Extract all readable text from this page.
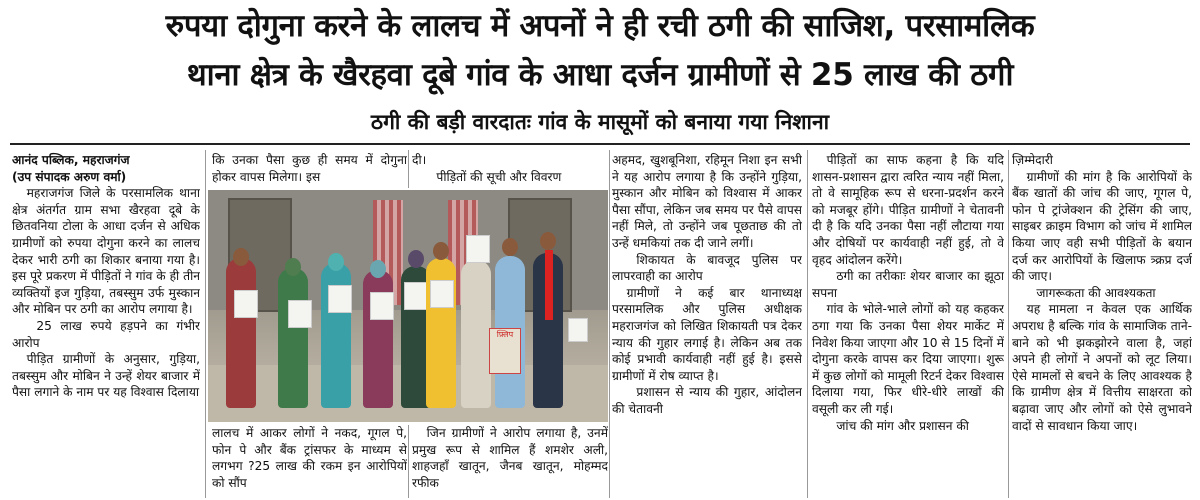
रुपया दोगुना करने के लालच में अपनों ने ही रची ठगी की साजिश, परसामलिक
थाना क्षेत्र के खैरहवा दूबे गांव के आधा दर्जन ग्रामीणों से 25 लाख की ठगी
ठगी की बड़ी वारदातः गांव के मासूमों को बनाया गया निशाना

आनंद पब्लिक, महराजगंज

(उप संपादक अरुण वर्मा)

महराजगंज जिले के परसामलिक थाना क्षेत्र अंतर्गत ग्राम सभा खैरहवा दूबे के छितवनिया टोला के आधा दर्जन से अधिक ग्रामीणों को रुपया दोगुना करने का लालच देकर भारी ठगी का शिकार बनाया गया है। इस पूरे प्रकरण में पीड़ितों ने गांव के ही तीन व्यक्तियों इज गुड़िया, तबस्सुम उर्फ मुस्कान और मोबिन पर ठगी का आरोप लगाया है।

25 लाख रुपये हड़पने का गंभीर आरोप

पीड़ित ग्रामीणों के अनुसार, गुड़िया, तबस्सुम और मोबिन ने उन्हें शेयर बाजार में पैसा लगाने के नाम पर यह विश्वास दिलाया

कि उनका पैसा कुछ ही समय में दोगुना होकर वापस मिलेगा। इस

लालच में आकर लोगों ने नकद, गूगल पे, फोन पे और बैंक ट्रांसफर के माध्यम से लगभग ?25 लाख की रकम इन आरोपियों को सौंप

दी।

पीड़ितों की सूची और विवरण

जिन ग्रामीणों ने आरोप लगाया है, उनमें प्रमुख रूप से शामिल हैं शमशेर अली, शाहजहाँ खातून, जैनब खातून, मोहम्मद रफीक

फ़्लिप

अहमद, खुशबूनिशा, रहिमून निशा इन सभी ने यह आरोप लगाया है कि उन्होंने गुड़िया, मुस्कान और मोबिन को विश्वास में आकर पैसा सौंपा, लेकिन जब समय पर पैसे वापस नहीं मिले, तो उन्होंने जब पूछताछ की तो उन्हें धमकियां तक दी जाने लगीं।

शिकायत के बावजूद पुलिस पर लापरवाही का आरोप

ग्रामीणों ने कई बार थानाध्यक्ष परसामलिक और पुलिस अधीक्षक महराजगंज को लिखित शिकायती पत्र देकर न्याय की गुहार लगाई है। लेकिन अब तक कोई प्रभावी कार्यवाही नहीं हुई है। इससे ग्रामीणों में रोष व्याप्त है।

प्रशासन से न्याय की गुहार, आंदोलन की चेतावनी

पीड़ितों का साफ कहना है कि यदि शासन-प्रशासन द्वारा त्वरित न्याय नहीं मिला, तो वे सामूहिक रूप से धरना-प्रदर्शन करने को मजबूर होंगे। पीड़ित ग्रामीणों ने चेतावनी दी है कि यदि उनका पैसा नहीं लौटाया गया और दोषियों पर कार्यवाही नहीं हुई, तो वे वृहद आंदोलन करेंगे।

ठगी का तरीकाः शेयर बाजार का झूठा सपना

गांव के भोले-भाले लोगों को यह कहकर ठगा गया कि उनका पैसा शेयर मार्केट में निवेश किया जाएगा और 10 से 15 दिनों में दोगुना करके वापस कर दिया जाएगा। शुरू में कुछ लोगों को मामूली रिटर्न देकर विश्वास दिलाया गया, फिर धीरे-धीरे लाखों की वसूली कर ली गई।

जांच की मांग और प्रशासन की

ज़िम्मेदारी

ग्रामीणों की मांग है कि आरोपियों के बैंक खातों की जांच की जाए, गूगल पे, फोन पे ट्रांजेक्शन की ट्रेसिंग की जाए, साइबर क्राइम विभाग को जांच में शामिल किया जाए वही सभी पीड़ितों के बयान दर्ज कर आरोपियों के खिलाफ त्र्क्रप्र दर्ज की जाए।

जागरूकता की आवश्यकता

यह मामला न केवल एक आर्थिक अपराध है बल्कि गांव के सामाजिक ताने-बाने को भी झकझोरने वाला है, जहां अपने ही लोगों ने अपनों को लूट लिया। ऐसे मामलों से बचने के लिए आवश्यक है कि ग्रामीण क्षेत्र में वित्तीय साक्षरता को बढ़ावा जाए और लोगों को ऐसे लुभावने वादों से सावधान किया जाए।
